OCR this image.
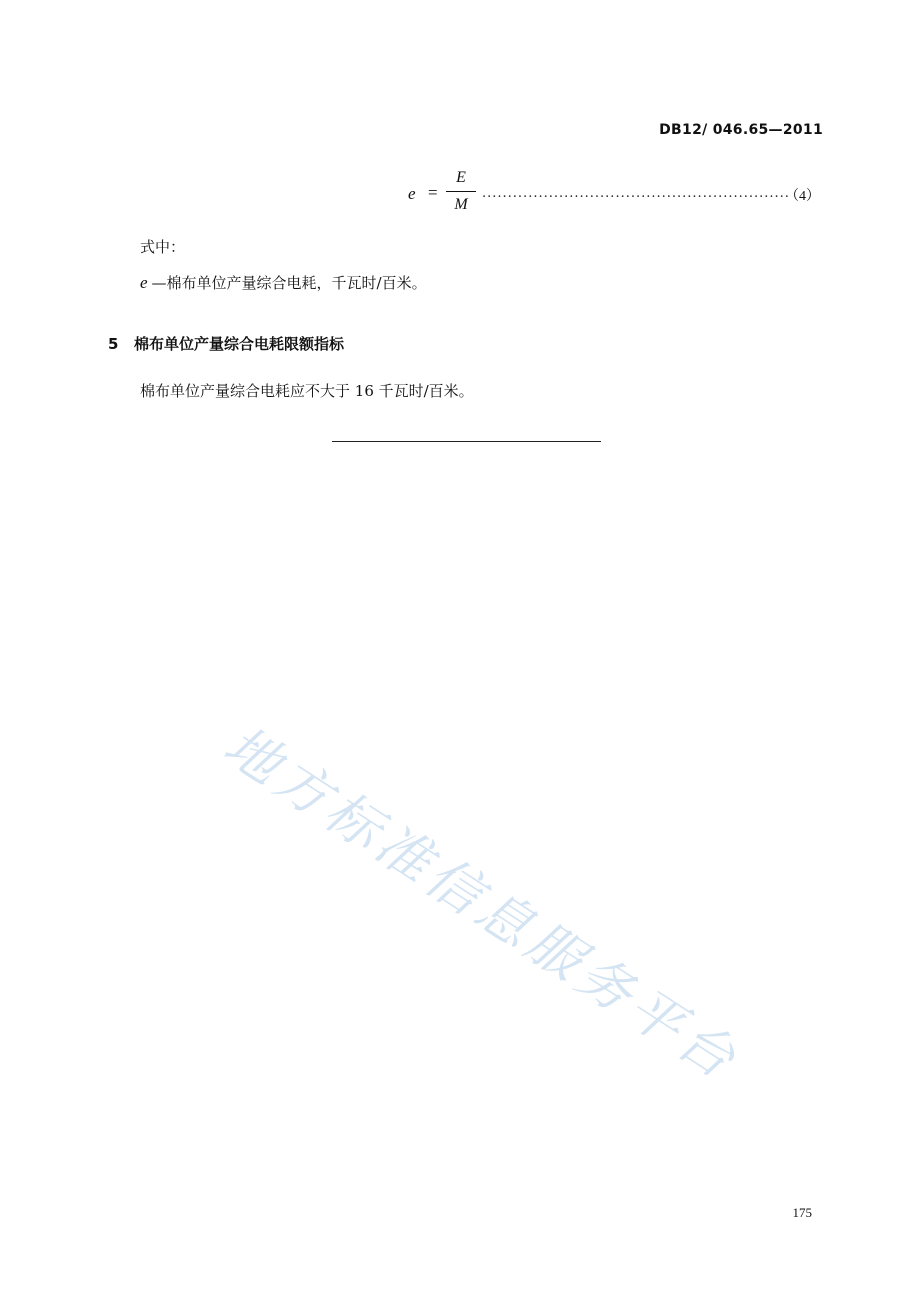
DB12/ 046.65—2011
e =
E
M
............................................................
（4）
式中：
e —棉布单位产量综合电耗，千瓦时/百米。
5 棉布单位产量综合电耗限额指标
棉布单位产量综合电耗应不大于 16 千瓦时/百米。
地方标准信息服务平台
175
